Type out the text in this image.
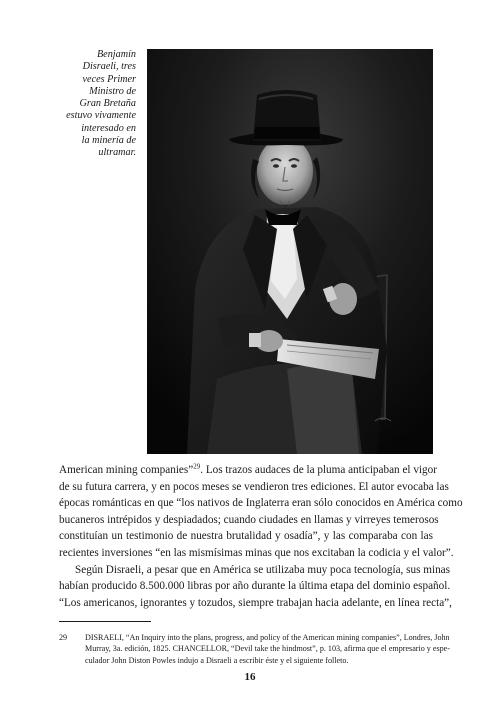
Benjamín
Disraeli, tres
veces Primer
Ministro de
Gran Bretaña
estuvo vivamente
interesado en
la minería de
ultramar.
American mining companies”$^{29}$. Los trazos audaces de la pluma anticipaban el vigor
de su futura carrera, y en pocos meses se vendieron tres ediciones. El autor evocaba las
épocas románticas en que “los nativos de Inglaterra eran sólo conocidos en América como
bucaneros intrépidos y despiadados; cuando ciudades en llamas y virreyes temerosos
constituían un testimonio de nuestra brutalidad y osadía”, y las comparaba con las
recientes inversiones “en las mismísimas minas que nos excitaban la codicia y el valor”.
Según Disraeli, a pesar que en América se utilizaba muy poca tecnología, sus minas
habían producido 8.500.000 libras por año durante la última etapa del dominio español.
“Los americanos, ignorantes y tozudos, siempre trabajan hacia adelante, en línea recta”,
29 DISRAELI, “An Inquiry into the plans, progress, and policy of the American mining companies”, Londres, John
Murray, 3a. edición, 1825. CHANCELLOR, “Devil take the hindmost”, p. 103, afirma que el empresario y espe-
culador John Diston Powles indujo a Disraeli a escribir éste y el siguiente folleto.
16
